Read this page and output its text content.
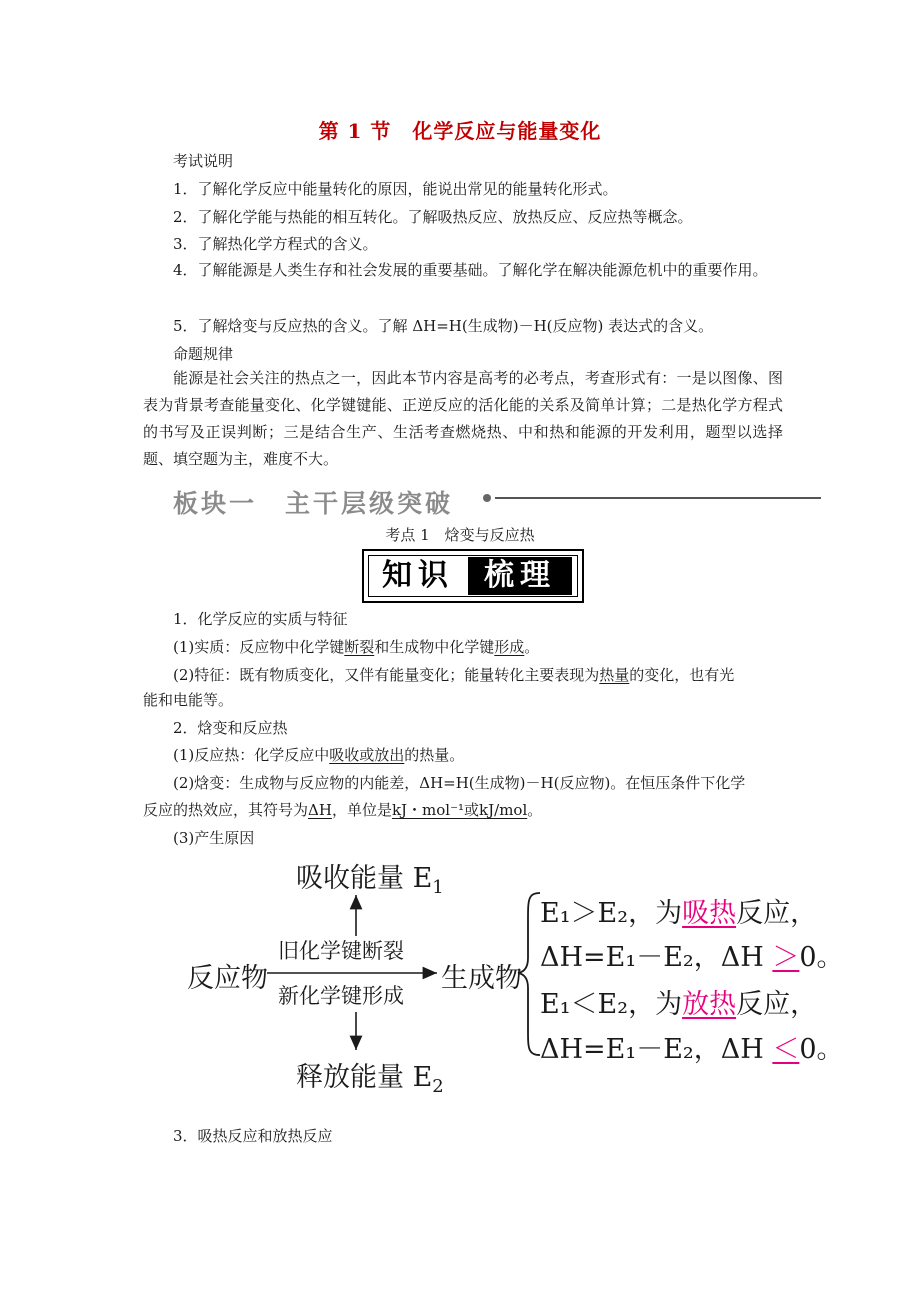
第 1 节　化学反应与能量变化
考试说明
1．了解化学反应中能量转化的原因，能说出常见的能量转化形式。
2．了解化学能与热能的相互转化。了解吸热反应、放热反应、反应热等概念。
3．了解热化学方程式的含义。
4．了解能源是人类生存和社会发展的重要基础。了解化学在解决能源危机中的重要作用。
5．了解焓变与反应热的含义。了解 ΔH=H(生成物)－H(反应物) 表达式的含义。
命题规律
能源是社会关注的热点之一，因此本节内容是高考的必考点，考查形式有：一是以图像、图表为背景考查能量变化、化学键键能、正逆反应的活化能的关系及简单计算；二是热化学方程式的书写及正误判断；三是结合生产、生活考查燃烧热、中和热和能源的开发利用，题型以选择题、填空题为主，难度不大。
板块一　主干层级突破
考点 1　焓变与反应热
知识	梳理
1．化学反应的实质与特征
(1)实质：反应物中化学键断裂和生成物中化学键形成。
(2)特征：既有物质变化，又伴有能量变化；能量转化主要表现为热量的变化，也有光
能和电能等。
2．焓变和反应热
(1)反应热：化学反应中吸收或放出的热量。
(2)焓变：生成物与反应物的内能差，ΔH=H(生成物)－H(反应物)。在恒压条件下化学
反应的热效应，其符号为ΔH，单位是kJ・mol⁻¹或kJ/mol。
(3)产生原因
吸收能量 $E_1$
释放能量 $E_2$
反应物	生成物
旧化学键断裂
新化学键形成
E₁＞E₂，为吸热反应，
ΔH=E₁－E₂，ΔH ＞0。
E₁＜E₂，为放热反应，
ΔH=E₁－E₂，ΔH ＜0。
3．吸热反应和放热反应
